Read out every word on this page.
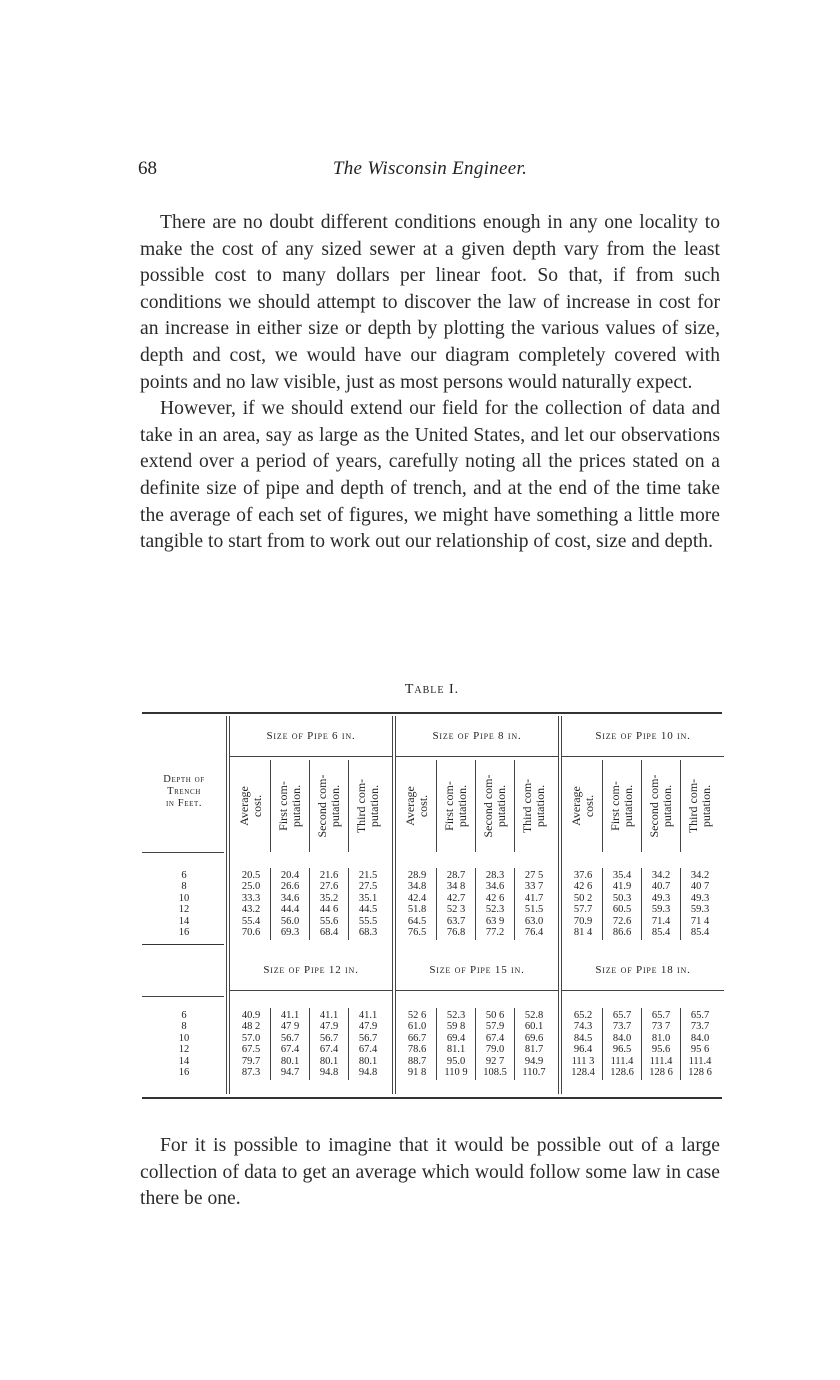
68	The Wisconsin Engineer.

There are no doubt different conditions enough in any one locality to make the cost of any sized sewer at a given depth vary from the least possible cost to many dollars per linear foot. So that, if from such conditions we should attempt to discover the law of increase in cost for an increase in either size or depth by plotting the various values of size, depth and cost, we would have our diagram completely covered with points and no law visible, just as most persons would naturally expect.

However, if we should extend our field for the collection of data and take in an area, say as large as the United States, and let our observations extend over a period of years, carefully noting all the prices stated on a definite size of pipe and depth of trench, and at the end of the time take the average of each set of figures, we might have something a little more tangible to start from to work out our relationship of cost, size and depth.

Table I.
Depth of
Trench
in Feet.
Size of Pipe 6 in.
Average
cost.
First com-
putation. Second com-
putation. Third com-
putation.
20.5
25.0
33.3
43.2
55.4
70.6
20.4
26.6
34.6
44.4
56.0
69.3
21.6
27.6
35.2
44 6
55.6
68.4
21.5
27.5
35.1
44.5
55.5
68.3
Size of Pipe 8 in.
Average
cost.
First com-
putation. Second com-
putation. Third com-
putation.
28.9
34.8
42.4
51.8
64.5
76.5
28.7
34 8
42.7
52 3
63.7
76.8
28.3
34.6
42 6
52.3
63 9
77.2
27 5
33 7
41.7
51.5
63.0
76.4
Size of Pipe 10 in.
Average
cost.
First com-
putation. Second com-
putation. Third com-
putation.
37.6
42 6
50 2
57.7
70.9
81 4
35.4
41.9
50.3
60.5
72.6
86.6
34.2
40.7
49.3
59.3
71.4
85.4
34.2
40 7
49.3
59.3
71 4
85.4
6
8
10
12
14
16
Size of Pipe 12 in.
40.9
48 2
57.0
67.5
79.7
87.3
41.1
47 9
56.7
67.4
80.1
94.7
41.1
47.9
56.7
67.4
80.1
94.8
41.1
47.9
56.7
67.4
80.1
94.8
Size of Pipe 15 in.
52 6
61.0
66.7
78.6
88.7
91 8
52.3
59 8
69.4
81.1
95.0
110 9
50 6
57.9
67.4
79.0
92 7
108.5
52.8
60.1
69.6
81.7
94.9
110.7
Size of Pipe 18 in.
65.2
74.3
84.5
96.4
111 3
128.4
65.7
73.7
84.0
96.5
111.4
128.6
65.7
73 7
81.0
95.6
111.4
128 6
65.7
73.7
84.0
95 6
111.4
128 6
6
8
10
12
14
16

For it is possible to imagine that it would be possible out of a large collection of data to get an average which would follow some law in case there be one.
